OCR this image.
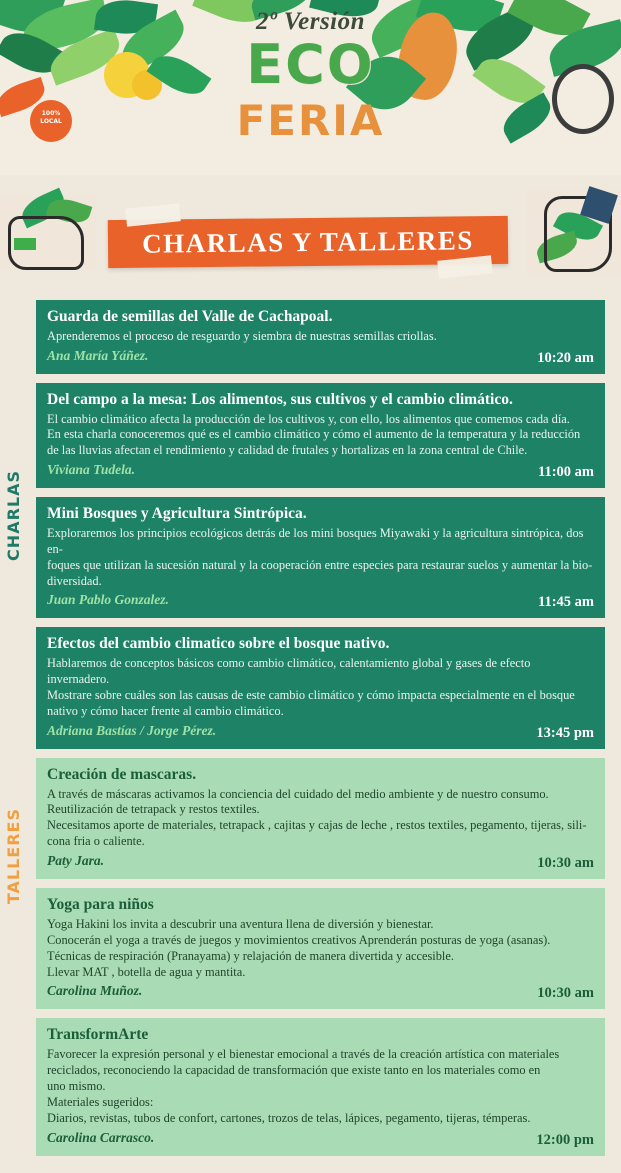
100% LOCAL
2º Versión
ECO
FERIA
CHARLAS Y TALLERES
CHARLAS
Guarda de semillas del Valle de Cachapoal.
Aprenderemos el proceso de resguardo y siembra de nuestras semillas criollas.
Ana María Yáñez.	10:20 am
Del campo a la mesa: Los alimentos, sus cultivos y el cambio climático.
El cambio climático afecta la producción de los cultivos y, con ello, los alimentos que comemos cada día.
En esta charla conoceremos qué es el cambio climático y cómo el aumento de la temperatura y la reducción
de las lluvias afectan el rendimiento y calidad de frutales y hortalizas en la zona central de Chile.
Viviana Tudela.	11:00 am
Mini Bosques y Agricultura Sintrópica.
Exploraremos los principios ecológicos detrás de los mini bosques Miyawaki y la agricultura sintrópica, dos en-
foques que utilizan la sucesión natural y la cooperación entre especies para restaurar suelos y aumentar la bio-
diversidad.
Juan Pablo Gonzalez.	11:45 am
Efectos del cambio climatico sobre el bosque nativo.
Hablaremos de conceptos básicos como cambio climático, calentamiento global y gases de efecto invernadero.
Mostrare sobre cuáles son las causas de este cambio climático y cómo impacta especialmente en el bosque
nativo y cómo hacer frente al cambio climático.
Adriana Bastías / Jorge Pérez.	13:45 pm
TALLERES
Creación de mascaras.
A través de máscaras activamos la conciencia del cuidado del medio ambiente y de nuestro consumo.
Reutilización de tetrapack y restos textiles.
Necesitamos aporte de materiales, tetrapack , cajitas y cajas de leche , restos textiles, pegamento, tijeras, sili-
cona fria o caliente.
Paty Jara.	10:30 am
Yoga para niños
Yoga Hakini los invita a descubrir una aventura llena de diversión y bienestar.
Conocerán el yoga a través de juegos y movimientos creativos Aprenderán posturas de yoga (asanas).
Técnicas de respiración (Pranayama) y relajación de manera divertida y accesible.
Llevar MAT , botella de agua y mantita.
Carolina Muñoz.	10:30 am
TransformArte
Favorecer la expresión personal y el bienestar emocional a través de la creación artística con materiales
reciclados, reconociendo la capacidad de transformación que existe tanto en los materiales como en
uno mismo.
Materiales sugeridos:
Diarios, revistas, tubos de confort, cartones, trozos de telas, lápices, pegamento, tijeras, témperas.
Carolina Carrasco.	12:00 pm
